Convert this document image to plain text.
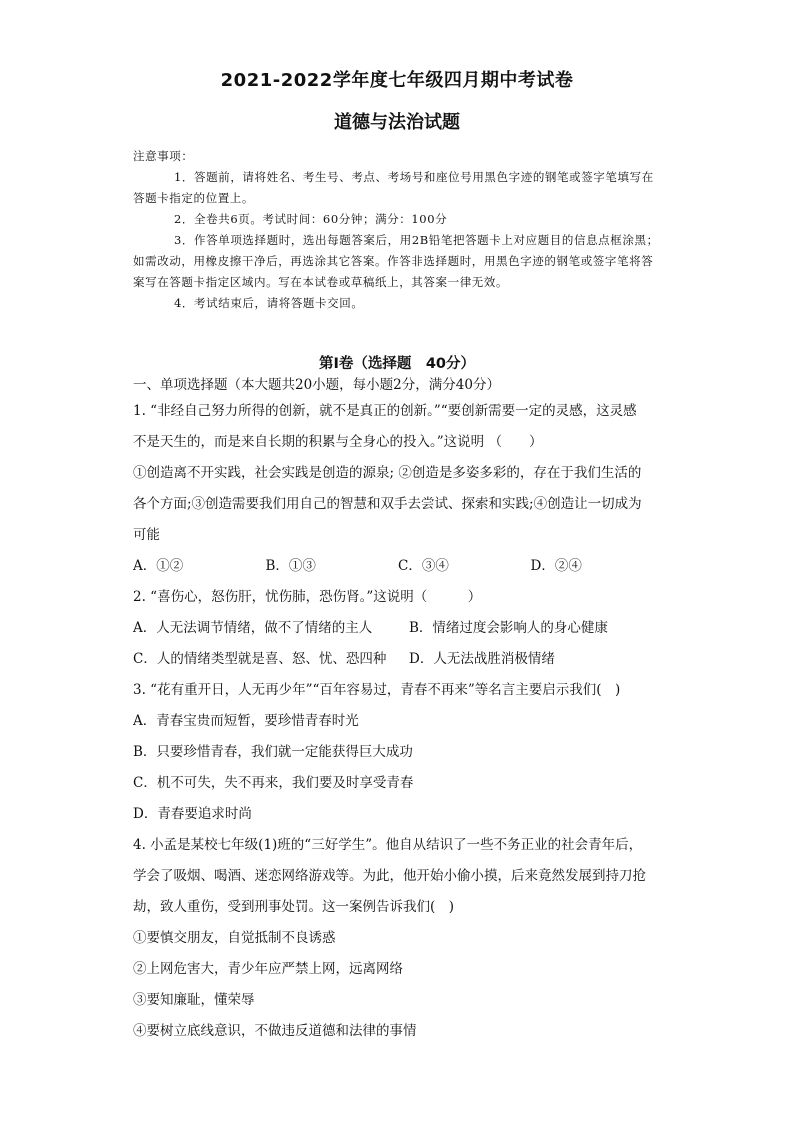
2021-2022学年度七年级四月期中考试卷
道德与法治试题

注意事项：

1．答题前，请将姓名、考生号、考点、考场号和座位号用黑色字迹的钢笔或签字笔填写在答题卡指定的位置上。

2．全卷共6页。考试时间：60分钟；满分：100分

3．作答单项选择题时，选出每题答案后，用2B铅笔把答题卡上对应题目的信息点框涂黑；如需改动，用橡皮擦干净后，再选涂其它答案。作答非选择题时，用黑色字迹的钢笔或签字笔将答案写在答题卡指定区域内。写在本试卷或草稿纸上，其答案一律无效。

4．考试结束后，请将答题卡交回。

第I卷（选择题　40分）

一、单项选择题（本大题共20小题，每小题2分，满分40分）

1. “非经自己努力所得的创新，就不是真正的创新。”“要创新需要一定的灵感，这灵感

不是天生的，而是来自长期的积累与全身心的投入。”这说明 （　　）

①创造离不开实践，社会实践是创造的源泉; ②创造是多姿多彩的，存在于我们生活的

各个方面;③创造需要我们用自己的智慧和双手去尝试、探索和实践;④创造让一切成为

可能

A．①②	B．①③	C．③④	D．②④

2. “喜伤心，怒伤肝，忧伤肺，恐伤肾。”这说明（　　　）

A．人无法调节情绪，做不了情绪的主人	B．情绪过度会影响人的身心健康
C．人的情绪类型就是喜、怒、忧、恐四种	D．人无法战胜消极情绪

3. “花有重开日，人无再少年”“百年容易过，青春不再来”等名言主要启示我们(　)

A．青春宝贵而短暂，要珍惜青春时光

B．只要珍惜青春，我们就一定能获得巨大成功

C．机不可失，失不再来，我们要及时享受青春

D．青春要追求时尚

4. 小孟是某校七年级(1)班的“三好学生”。他自从结识了一些不务正业的社会青年后，

学会了吸烟、喝酒、迷恋网络游戏等。为此，他开始小偷小摸，后来竟然发展到持刀抢

劫，致人重伤，受到刑事处罚。这一案例告诉我们(　)

①要慎交朋友，自觉抵制不良诱惑

②上网危害大，青少年应严禁上网，远离网络

③要知廉耻，懂荣辱

④要树立底线意识，不做违反道德和法律的事情
